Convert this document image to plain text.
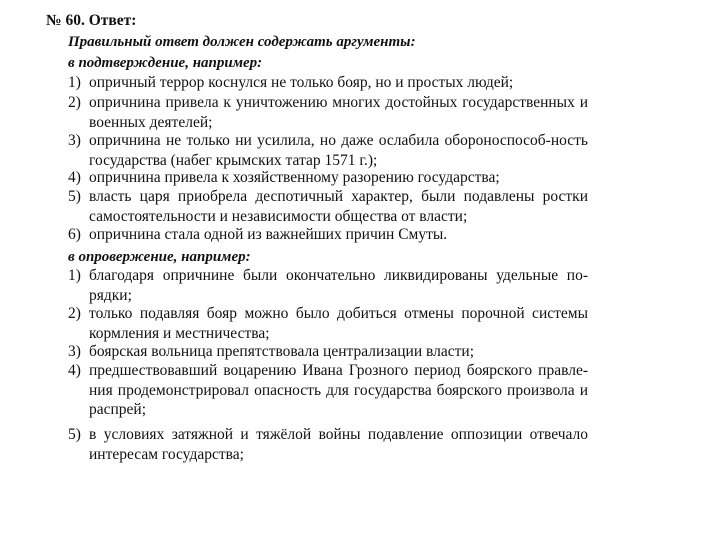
№ 60. Ответ:
Правильный ответ должен содержать аргументы:
в подтверждение, например:
1) опричный террор коснулся не только бояр, но и простых людей;
2) опричнина привела к уничтожению многих достойных государственных и военных деятелей;
3) опричнина не только ни усилила, но даже ослабила обороноспособ-ность государства (набег крымских татар 1571 г.);
4) опричнина привела к хозяйственному разорению государства;
5) власть царя приобрела деспотичный характер, были подавлены ростки самостоятельности и независимости общества от власти;
6) опричнина стала одной из важнейших причин Смуты.
в опровержение, например:
1) благодаря опричнине были окончательно ликвидированы удельные по-рядки;
2) только подавляя бояр можно было добиться отмены порочной системы кормления и местничества;
3) боярская вольница препятствовала централизации власти;
4) предшествовавший воцарению Ивана Грозного период боярского правле-ния продемонстрировал опасность для государства боярского произвола и распрей;
5) в условиях затяжной и тяжёлой войны подавление оппозиции отвечало интересам государства;
